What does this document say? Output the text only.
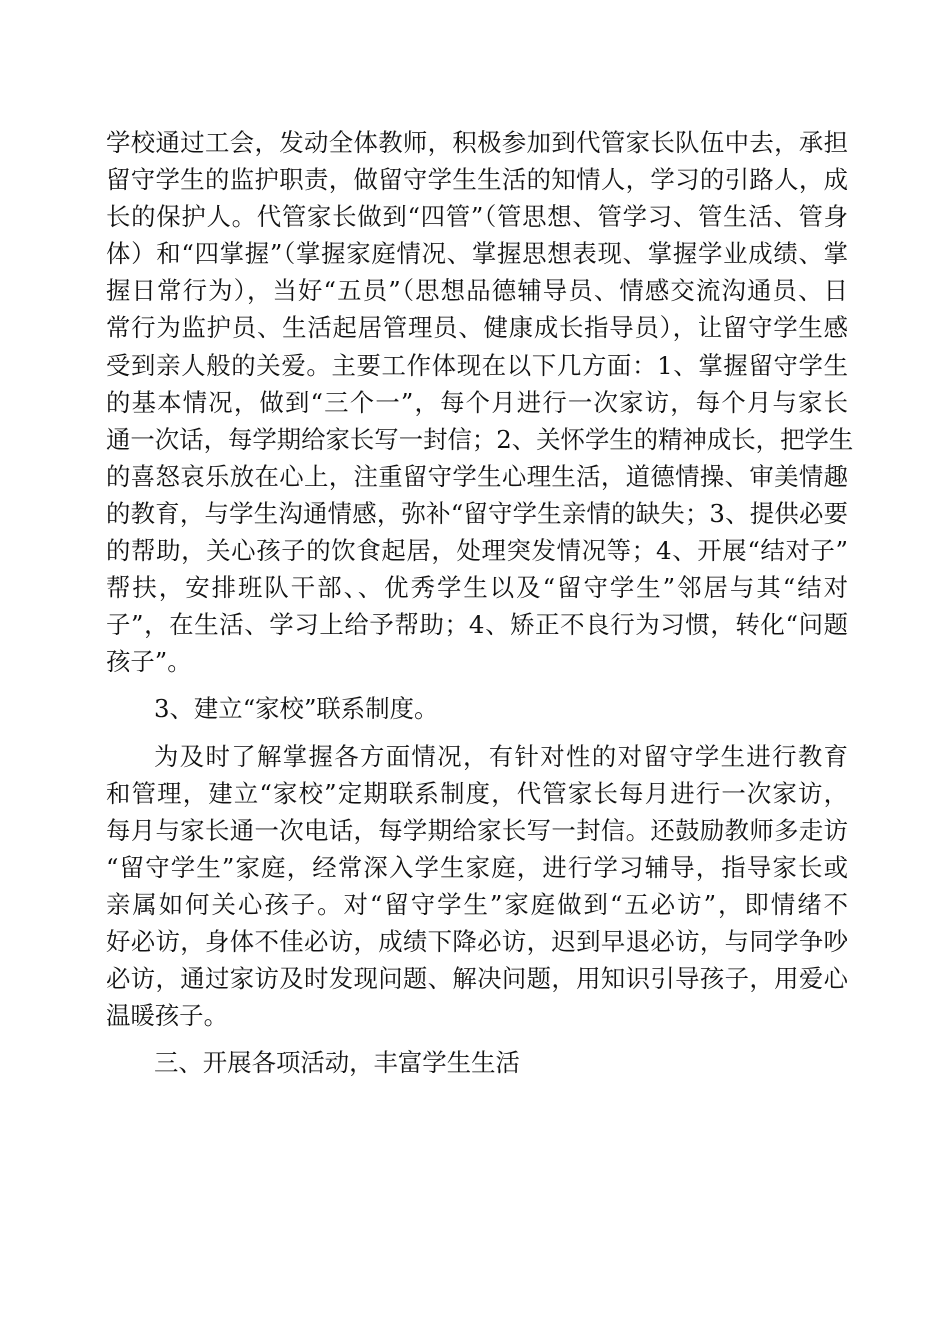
学校通过工会，发动全体教师，积极参加到代管家长队伍中去，承担
留守学生的监护职责，做留守学生生活的知情人，学习的引路人，成
长的保护人。代管家长做到“四管”（管思想、管学习、管生活、管身
体）和“四掌握”（掌握家庭情况、掌握思想表现、掌握学业成绩、掌
握日常行为），当好“五员”（思想品德辅导员、情感交流沟通员、日
常行为监护员、生活起居管理员、健康成长指导员），让留守学生感
受到亲人般的关爱。主要工作体现在以下几方面：1、掌握留守学生
的基本情况，做到“三个一”，每个月进行一次家访，每个月与家长
通一次话，每学期给家长写一封信；2、关怀学生的精神成长，把学生
的喜怒哀乐放在心上，注重留守学生心理生活，道德情操、审美情趣
的教育，与学生沟通情感，弥补“留守学生亲情的缺失；3、提供必要
的帮助，关心孩子的饮食起居，处理突发情况等；4、开展“结对子”
帮扶，安排班队干部、、优秀学生以及“留守学生”邻居与其“结对
子”，在生活、学习上给予帮助；4、矫正不良行为习惯，转化“问题
孩子”。
3、建立“家校”联系制度。
为及时了解掌握各方面情况，有针对性的对留守学生进行教育
和管理，建立“家校”定期联系制度，代管家长每月进行一次家访，
每月与家长通一次电话，每学期给家长写一封信。还鼓励教师多走访
“留守学生”家庭，经常深入学生家庭，进行学习辅导，指导家长或
亲属如何关心孩子。对“留守学生”家庭做到“五必访”，即情绪不
好必访，身体不佳必访，成绩下降必访，迟到早退必访，与同学争吵
必访，通过家访及时发现问题、解决问题，用知识引导孩子，用爱心
温暖孩子。
三、开展各项活动，丰富学生生活
